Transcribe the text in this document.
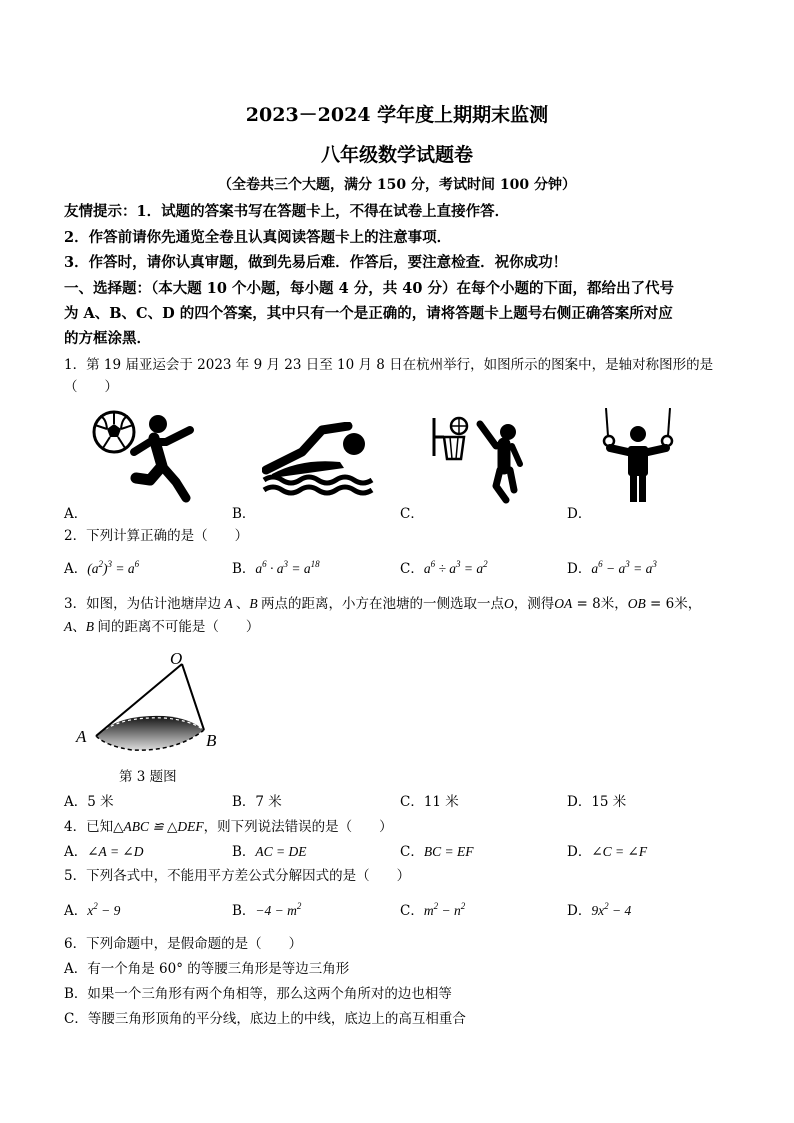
2023－2024 学年度上期期末监测
八年级数学试题卷
（全卷共三个大题，满分 150 分，考试时间 100 分钟）
友情提示：1．试题的答案书写在答题卡上，不得在试卷上直接作答．
2．作答前请你先通览全卷且认真阅读答题卡上的注意事项．
3．作答时，请你认真审题，做到先易后难．作答后，要注意检查．祝你成功！
一、选择题：（本大题 10 个小题，每小题 4 分，共 40 分）在每个小题的下面，都给出了代号
为 A、B、C、D 的四个答案，其中只有一个是正确的，请将答题卡上题号右侧正确答案所对应
的方框涂黑．
1．第 19 届亚运会于 2023 年 9 月 23 日至 10 月 8 日在杭州举行，如图所示的图案中，是轴对称图形的是
（　　）
A．	B．	C．	D．
2．下列计算正确的是（　　）
A．$(a^2)^3 = a^6$	B．$a^6 \cdot a^3 = a^{18}$	C．$a^6 \div a^3 = a^2$	D．$a^6 - a^3 = a^3$
3．如图，为估计池塘岸边 A 、B 两点的距离，小方在池塘的一侧选取一点O，测得OA = 8米，OB = 6米，
A、B 间的距离不可能是（　　）
O
A	B
第 3 题图
A．5 米	B．7 米	C．11 米	D．15 米
4．已知△ABC ≌ △DEF，则下列说法错误的是（　　）
A．∠A = ∠D	B．AC = DE	C．BC = EF	D．∠C = ∠F
5．下列各式中，不能用平方差公式分解因式的是（　　）
A．$x^2 - 9$	B．$-4 - m^2$	C．$m^2 - n^2$	D．$9x^2 - 4$
6．下列命题中，是假命题的是（　　）
A．有一个角是 60° 的等腰三角形是等边三角形
B．如果一个三角形有两个角相等，那么这两个角所对的边也相等
C．等腰三角形顶角的平分线，底边上的中线，底边上的高互相重合
